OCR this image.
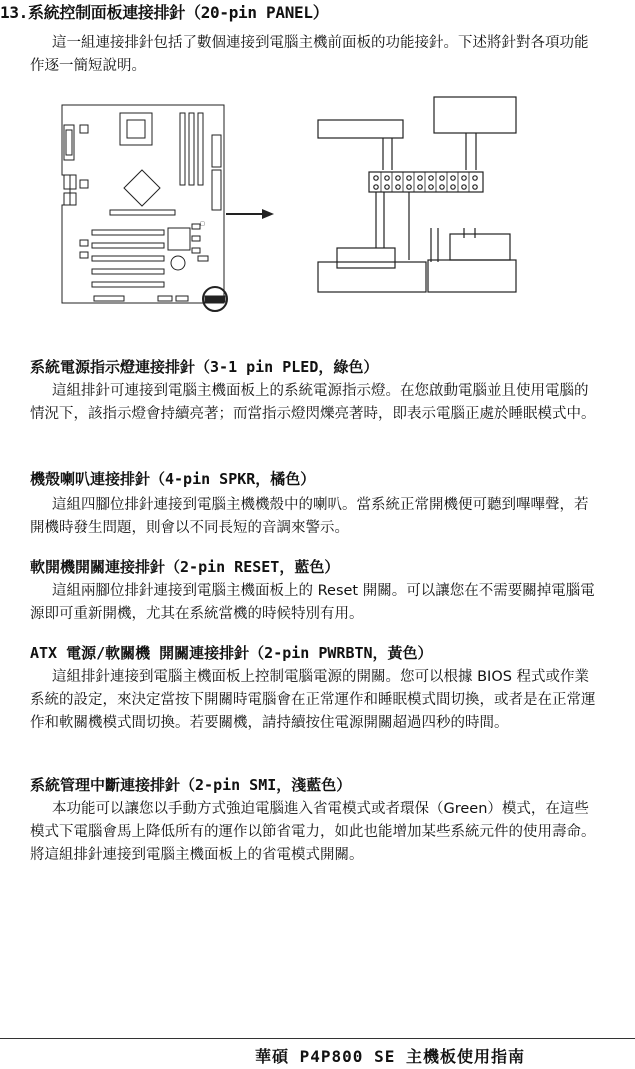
13.系統控制面板連接排針（20-pin PANEL）

這一組連接排針包括了數個連接到電腦主機前面板的功能接針。下述將針對各項功能作逐一簡短說明。

□
系統電源指示燈連接排針（3-1 pin PLED，綠色）

這組排針可連接到電腦主機面板上的系統電源指示燈。在您啟動電腦並且使用電腦的情況下，該指示燈會持續亮著；而當指示燈閃爍亮著時，即表示電腦正處於睡眠模式中。

機殼喇叭連接排針（4-pin SPKR，橘色）

這組四腳位排針連接到電腦主機機殼中的喇叭。當系統正常開機便可聽到嗶嗶聲，若開機時發生問題，則會以不同長短的音調來警示。

軟開機開關連接排針（2-pin RESET，藍色）

這組兩腳位排針連接到電腦主機面板上的 Reset 開關。可以讓您在不需要關掉電腦電源即可重新開機，尤其在系統當機的時候特別有用。

ATX 電源/軟關機 開關連接排針（2-pin PWRBTN，黃色）

這組排針連接到電腦主機面板上控制電腦電源的開關。您可以根據 BIOS 程式或作業系統的設定，來決定當按下開關時電腦會在正常運作和睡眠模式間切換，或者是在正常運作和軟關機模式間切換。若要關機，請持續按住電源開關超過四秒的時間。

系統管理中斷連接排針（2-pin SMI，淺藍色）

本功能可以讓您以手動方式強迫電腦進入省電模式或者環保（Green）模式，在這些模式下電腦會馬上降低所有的運作以節省電力，如此也能增加某些系統元件的使用壽命。將這組排針連接到電腦主機面板上的省電模式開關。

華碩 P4P800 SE 主機板使用指南
